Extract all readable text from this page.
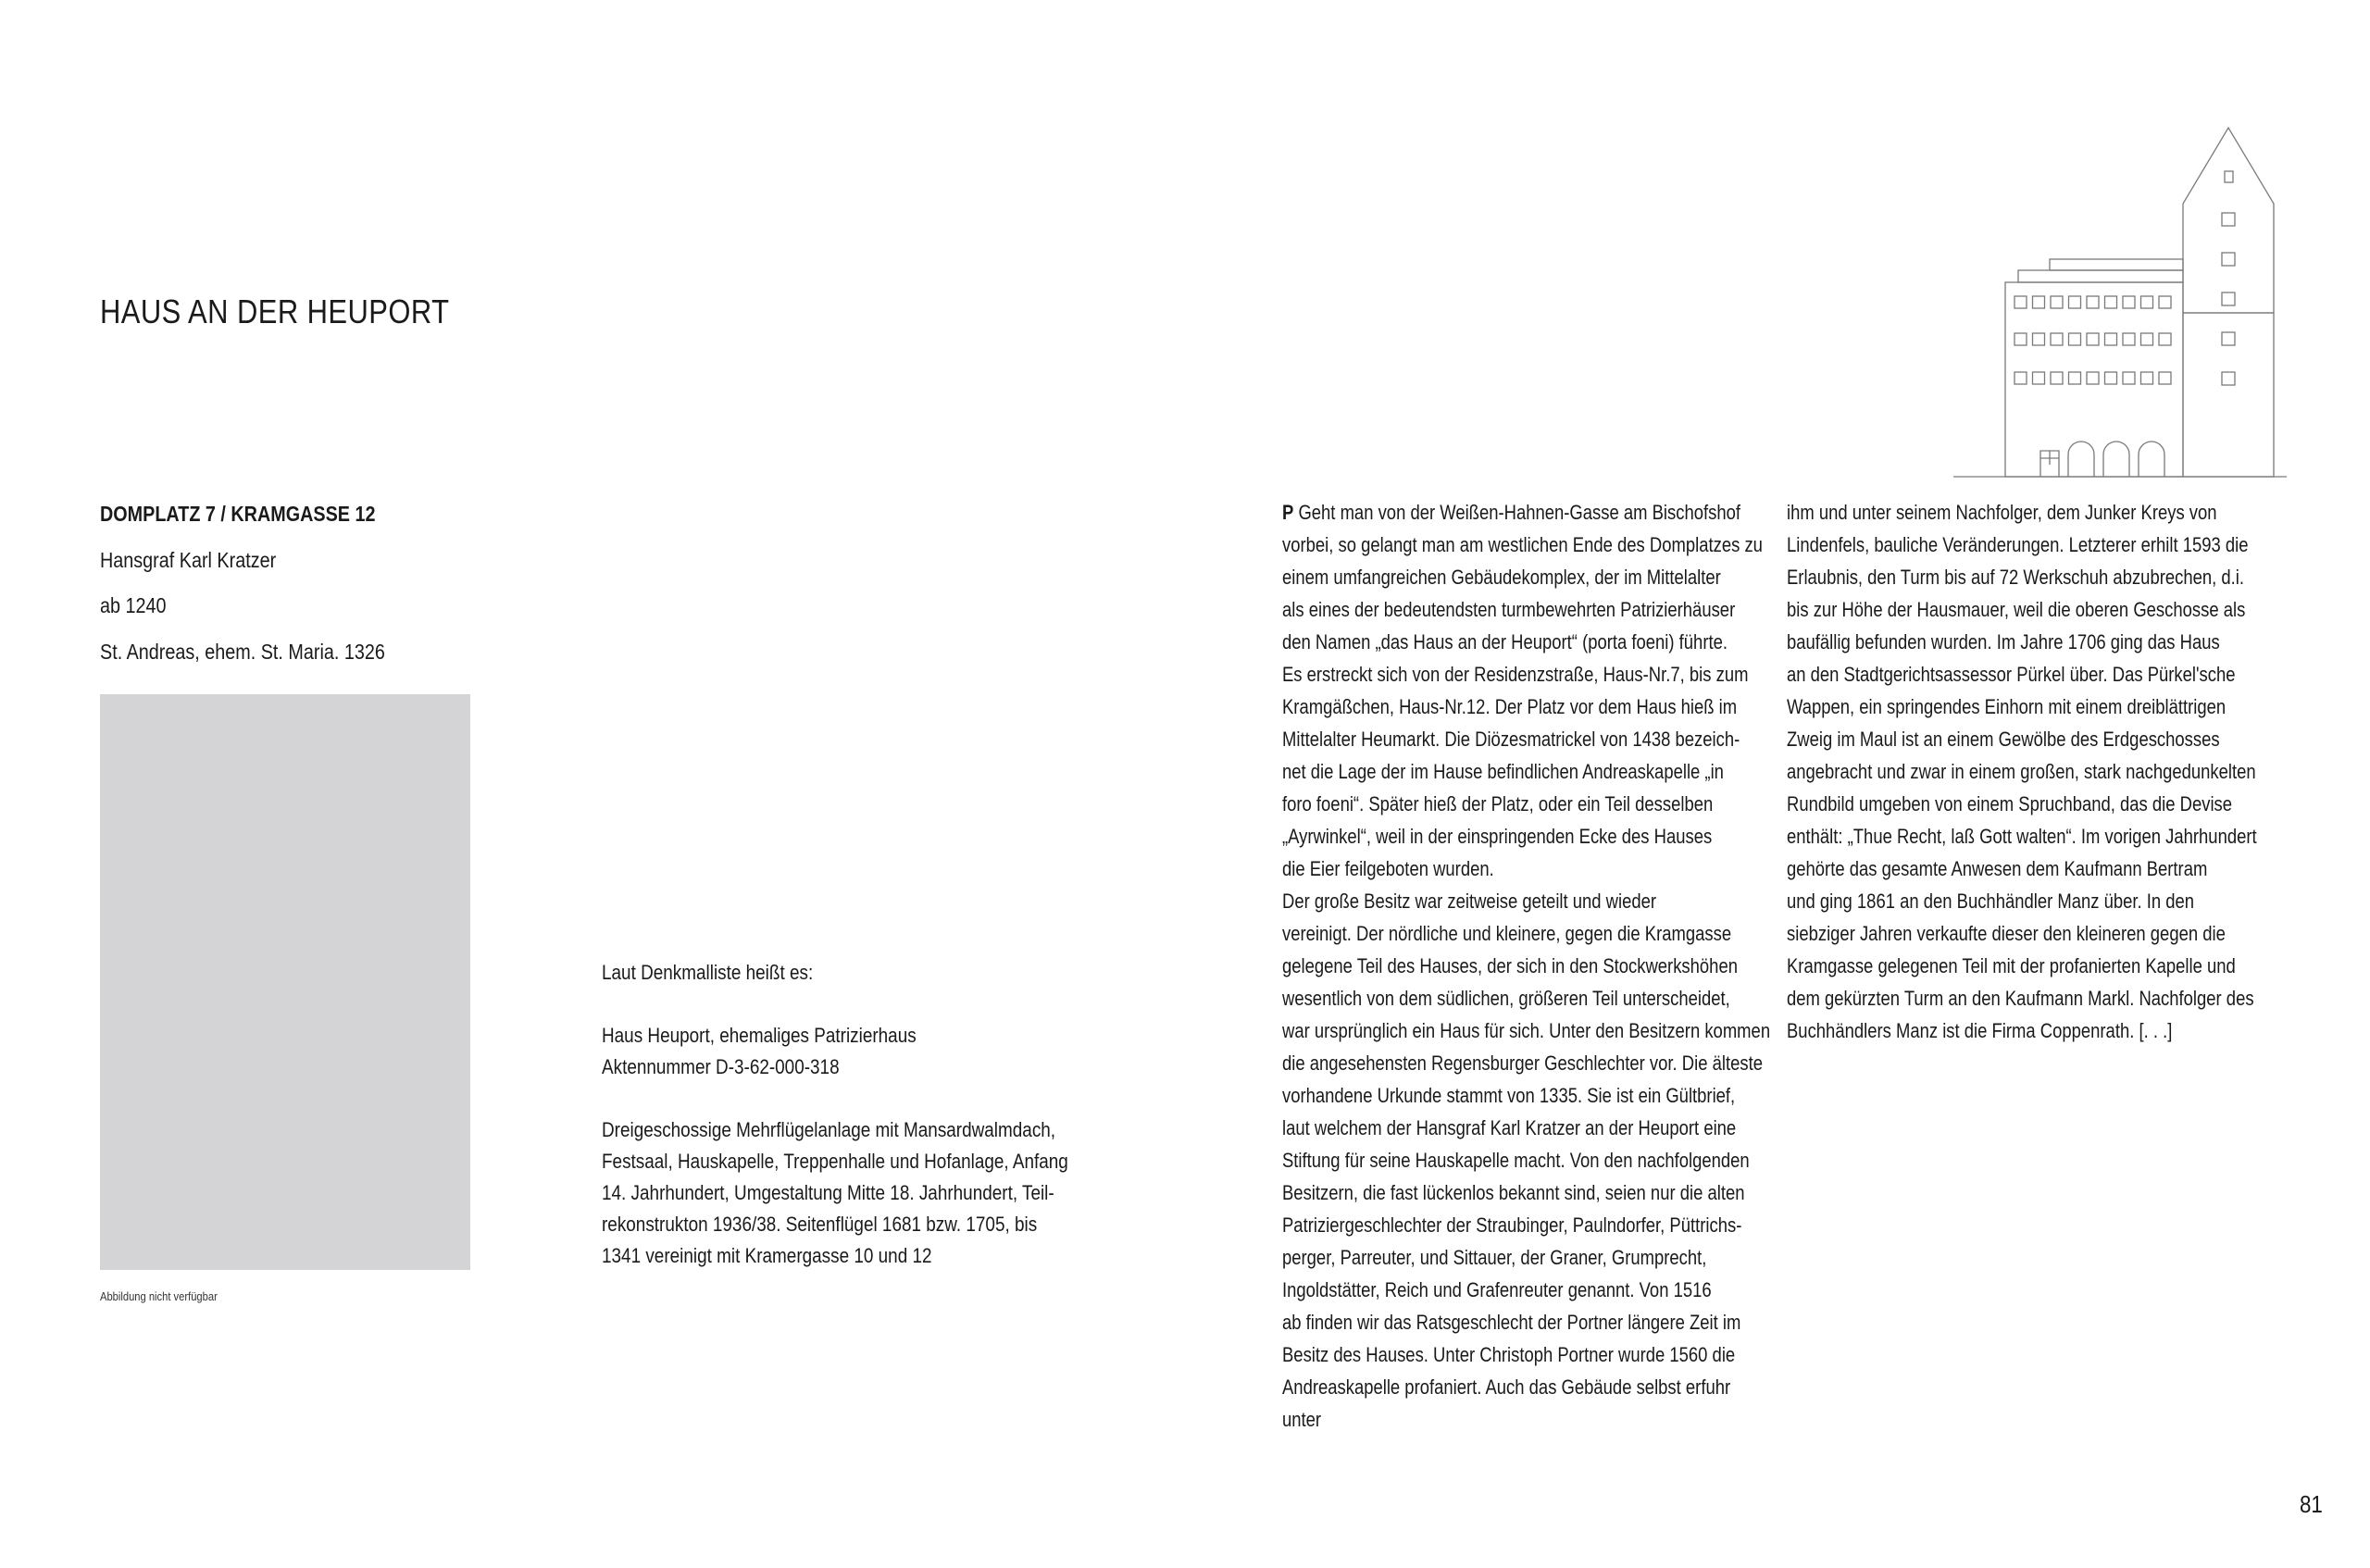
HAUS AN DER HEUPORT
DOMPLATZ 7 / KRAMGASSE 12
Hansgraf Karl Kratzer
ab 1240
St. Andreas, ehem. St. Maria. 1326
Abbildung nicht verfügbar

Laut Denkmalliste heißt es:

Haus Heuport, ehemaliges Patrizierhaus
Aktennummer D-3-62-000-318

Dreigeschossige Mehrflügelanlage mit Mansardwalmdach,
Festsaal, Hauskapelle, Treppenhalle und Hofanlage, Anfang
14. Jahrhundert, Umgestaltung Mitte 18. Jahrhundert, Teil-
rekonstrukton 1936/38. Seitenflügel 1681 bzw. 1705, bis
1341 vereinigt mit Kramergasse 10 und 12

P Geht man von der Weißen-Hahnen-Gasse am Bischofshof
vorbei, so gelangt man am westlichen Ende des Domplatzes zu
einem umfangreichen Gebäudekomplex, der im Mittelalter
als eines der bedeutendsten turmbewehrten Patrizierhäuser
den Namen „das Haus an der Heuport“ (porta foeni) führte.
Es erstreckt sich von der Residenzstraße, Haus-Nr.7, bis zum
Kramgäßchen, Haus-Nr.12. Der Platz vor dem Haus hieß im
Mittelalter Heumarkt. Die Diözesmatrickel von 1438 bezeich-
net die Lage der im Hause befindlichen Andreaskapelle „in
foro foeni“. Später hieß der Platz, oder ein Teil desselben
„Ayrwinkel“, weil in der einspringenden Ecke des Hauses
die Eier feilgeboten wurden.
Der große Besitz war zeitweise geteilt und wieder
vereinigt. Der nördliche und kleinere, gegen die Kramgasse
gelegene Teil des Hauses, der sich in den Stockwerkshöhen
wesentlich von dem südlichen, größeren Teil unterscheidet,
war ursprünglich ein Haus für sich. Unter den Besitzern kommen
die angesehensten Regensburger Geschlechter vor. Die älteste
vorhandene Urkunde stammt von 1335. Sie ist ein Gültbrief,
laut welchem der Hansgraf Karl Kratzer an der Heuport eine
Stiftung für seine Hauskapelle macht. Von den nachfolgenden
Besitzern, die fast lückenlos bekannt sind, seien nur die alten
Patriziergeschlechter der Straubinger, Paulndorfer, Püttrichs-
perger, Parreuter, und Sittauer, der Graner, Grumprecht,
Ingoldstätter, Reich und Grafenreuter genannt. Von 1516
ab finden wir das Ratsgeschlecht der Portner längere Zeit im
Besitz des Hauses. Unter Christoph Portner wurde 1560 die
Andreaskapelle profaniert. Auch das Gebäude selbst erfuhr
unter
ihm und unter seinem Nachfolger, dem Junker Kreys von
Lindenfels, bauliche Veränderungen. Letzterer erhilt 1593 die
Erlaubnis, den Turm bis auf 72 Werkschuh abzubrechen, d.i.
bis zur Höhe der Hausmauer, weil die oberen Geschosse als
baufällig befunden wurden. Im Jahre 1706 ging das Haus
an den Stadtgerichtsassessor Pürkel über. Das Pürkel'sche
Wappen, ein springendes Einhorn mit einem dreiblättrigen
Zweig im Maul ist an einem Gewölbe des Erdgeschosses
angebracht und zwar in einem großen, stark nachgedunkelten
Rundbild umgeben von einem Spruchband, das die Devise
enthält: „Thue Recht, laß Gott walten“. Im vorigen Jahrhundert
gehörte das gesamte Anwesen dem Kaufmann Bertram
und ging 1861 an den Buchhändler Manz über. In den
siebziger Jahren verkaufte dieser den kleineren gegen die
Kramgasse gelegenen Teil mit der profanierten Kapelle und
dem gekürzten Turm an den Kaufmann Markl. Nachfolger des
Buchhändlers Manz ist die Firma Coppenrath. [. . .]
81
